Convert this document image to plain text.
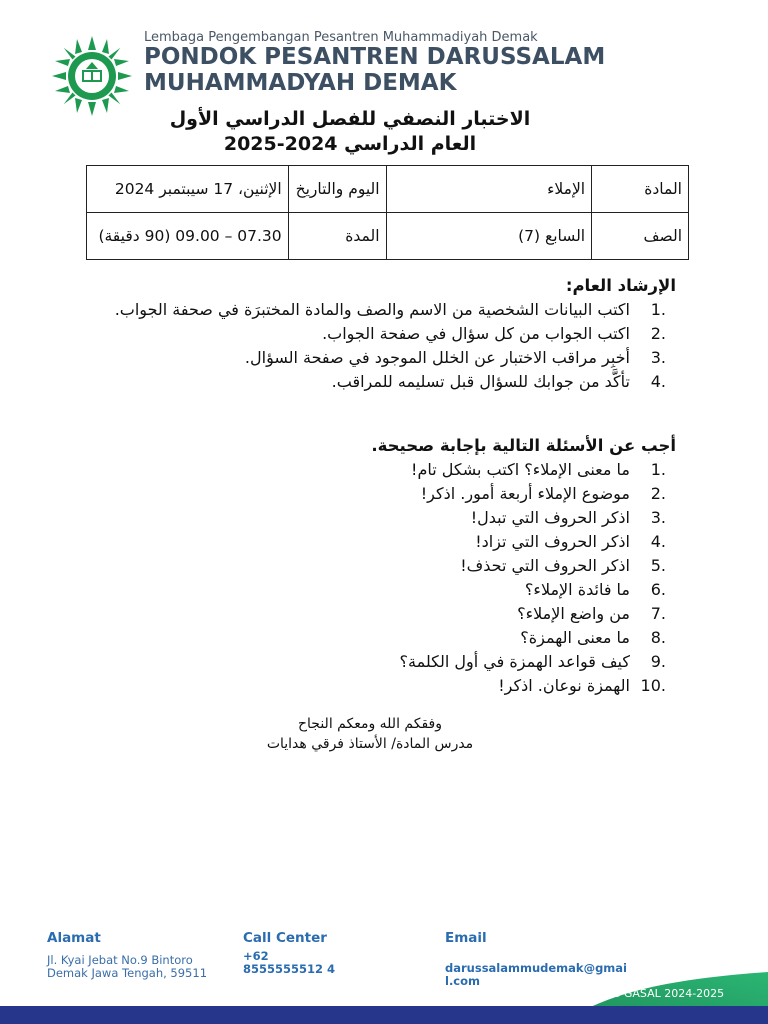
Lembaga Pengembangan Pesantren Muhammadiyah Demak
PONDOK PESANTREN DARUSSALAM
MUHAMMADYAH DEMAK
الاختبار النصفي للفصل الدراسي الأول
العام الدراسي 2024-2025
المادة	الإملاء	اليوم والتاريخ	الإثنين، 17 سيبتمبر 2024
الصف	السابع (7)	المدة	07.30 – 09.00 (90 دقيقة)
الإرشاد العام:
1.
اكتب البيانات الشخصية من الاسم والصف والمادة المختبرَة في صحفة الجواب.
2.
اكتب الجواب من كل سؤال في صفحة الجواب.
3.
أخبِر مراقب الاختبار عن الخلل الموجود في صفحة السؤال.
4.
تأكَّد من جوابك للسؤال قبل تسليمه للمراقب.
أجب عن الأسئلة التالية بإجابة صحيحة.
1.
ما معنى الإملاء؟ اكتب بشكل تام!
2.
موضوع الإملاء أربعة أمور. اذكر!
3.
اذكر الحروف التي تبدل!
4.
اذكر الحروف التي تزاد!
5.
اذكر الحروف التي تحذف!
6.
ما فائدة الإملاء؟
7.
من واضع الإملاء؟
8.
ما معنى الهمزة؟
9.
كيف قواعد الهمزة في أول الكلمة؟
10.
الهمزة نوعان. اذكر!
وفقكم الله ومعكم النجاح
مدرس المادة/ الأستاذ فرقي هدايات
Alamat
Jl. Kyai Jebat No.9 Bintoro Demak Jawa Tengah, 59511
Call Center
+62 8555555512 4
Email
darussalammudemak@gmail.com
PTS GASAL 2024-2025
